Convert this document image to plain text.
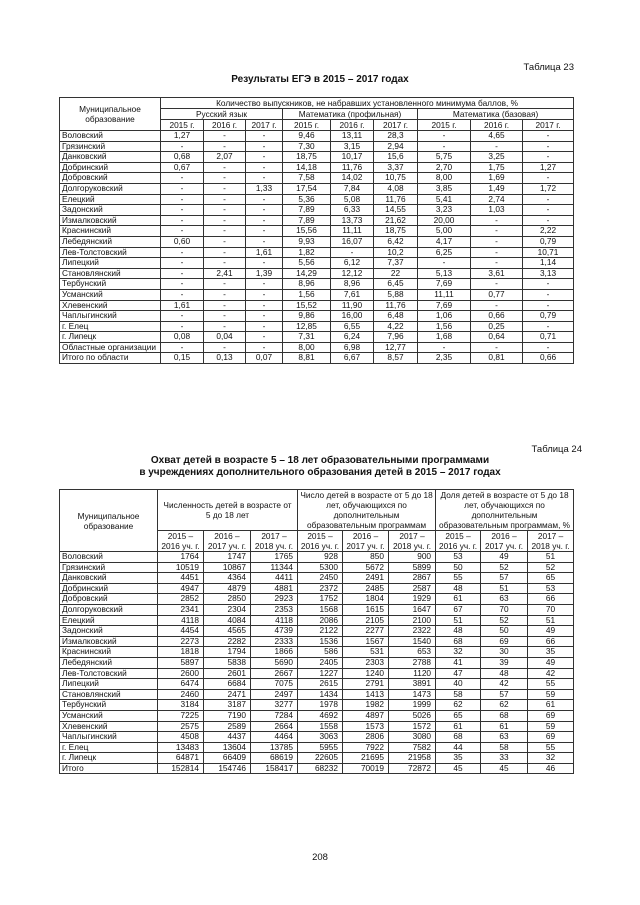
Таблица 23
Результаты ЕГЭ в 2015 – 2017 годах
Муниципальное образование	Количество выпускников, не набравших установленного минимума баллов, %								
	Русский язык			Математика (профильная)			Математика (базовая)		
	2015 г.	2016 г.	2017 г.	2015 г.	2016 г.	2017 г.	2015 г.	2016 г.	2017 г.
Воловский	1,27	-	-	9,46	13,11	28,3	-	4,65	-
Грязинский	-	-	-	7,30	3,15	2,94	-	-	-
Данковский	0,68	2,07	-	18,75	10,17	15,6	5,75	3,25	-
Добринский	0,67	-	-	14,18	11,76	3,37	2,70	1,75	1,27
Добровский	-	-	-	7,58	14,02	10,75	8,00	1,69	-
Долгоруковский	-	-	1,33	17,54	7,84	4,08	3,85	1,49	1,72
Елецкий	-	-	-	5,36	5,08	11,76	5,41	2,74	-
Задонский	-	-	-	7,89	6,33	14,55	3,23	1,03	-
Измалковский	-	-	-	7,89	13,73	21,62	20,00	-	-
Краснинский	-	-	-	15,56	11,11	18,75	5,00	-	2,22
Лебедянский	0,60	-	-	9,93	16,07	6,42	4,17	-	0,79
Лев-Толстовский	-	-	1,61	1,82	-	10,2	6,25	-	10,71
Липецкий	-	-	-	5,56	6,12	7,37	-	-	1,14
Становлянский	-	2,41	1,39	14,29	12,12	22	5,13	3,61	3,13
Тербунский	-	-	-	8,96	8,96	6,45	7,69	-	-
Усманский	-	-	-	1,56	7,61	5,88	11,11	0,77	-
Хлевенский	1,61	-	-	15,52	11,90	11,76	7,69	-	-
Чаплыгинский	-	-	-	9,86	16,00	6,48	1,06	0,66	0,79
г. Елец	-	-	-	12,85	6,55	4,22	1,56	0,25	-
г. Липецк	0,08	0,04	-	7,31	6,24	7,96	1,68	0,64	0,71
Областные организации	-	-	-	8,00	6,98	12,77	-	-	-
Итого по области	0,15	0,13	0,07	8,81	6,67	8,57	2,35	0,81	0,66
Таблица 24
Охват детей в возрасте 5 – 18 лет образовательными программами
в учреждениях дополнительного образования детей в 2015 – 2017 годах
Муниципальное образование	Численность детей в возрасте от 5 до 18 лет			Число детей в возрасте от 5 до 18 лет, обучающихся по дополнительным образовательным программам			Доля детей в возрасте от 5 до 18 лет, обучающихся по дополнительным образовательным программам, %		
	2015 – 2016 уч. г.	2016 – 2017 уч. г.	2017 – 2018 уч. г.	2015 – 2016 уч. г.	2016 – 2017 уч. г.	2017 – 2018 уч. г.	2015 – 2016 уч. г.	2016 – 2017 уч. г.	2017 – 2018 уч. г.
Воловский	1764	1747	1765	928	850	900	53	49	51
Грязинский	10519	10867	11344	5300	5672	5899	50	52	52
Данковский	4451	4364	4411	2450	2491	2867	55	57	65
Добринский	4947	4879	4881	2372	2485	2587	48	51	53
Добровский	2852	2850	2923	1752	1804	1929	61	63	66
Долгоруковский	2341	2304	2353	1568	1615	1647	67	70	70
Елецкий	4118	4084	4118	2086	2105	2100	51	52	51
Задонский	4454	4565	4739	2122	2277	2322	48	50	49
Измалковский	2273	2282	2333	1536	1567	1540	68	69	66
Краснинский	1818	1794	1866	586	531	653	32	30	35
Лебедянский	5897	5838	5690	2405	2303	2788	41	39	49
Лев-Толстовский	2600	2601	2667	1227	1240	1120	47	48	42
Липецкий	6474	6684	7075	2615	2791	3891	40	42	55
Становлянский	2460	2471	2497	1434	1413	1473	58	57	59
Тербунский	3184	3187	3277	1978	1982	1999	62	62	61
Усманский	7225	7190	7284	4692	4897	5026	65	68	69
Хлевенский	2575	2589	2664	1558	1573	1572	61	61	59
Чаплыгинский	4508	4437	4464	3063	2806	3080	68	63	69
г. Елец	13483	13604	13785	5955	7922	7582	44	58	55
г. Липецк	64871	66409	68619	22605	21695	21958	35	33	32
Итого	152814	154746	158417	68232	70019	72872	45	45	46
208
